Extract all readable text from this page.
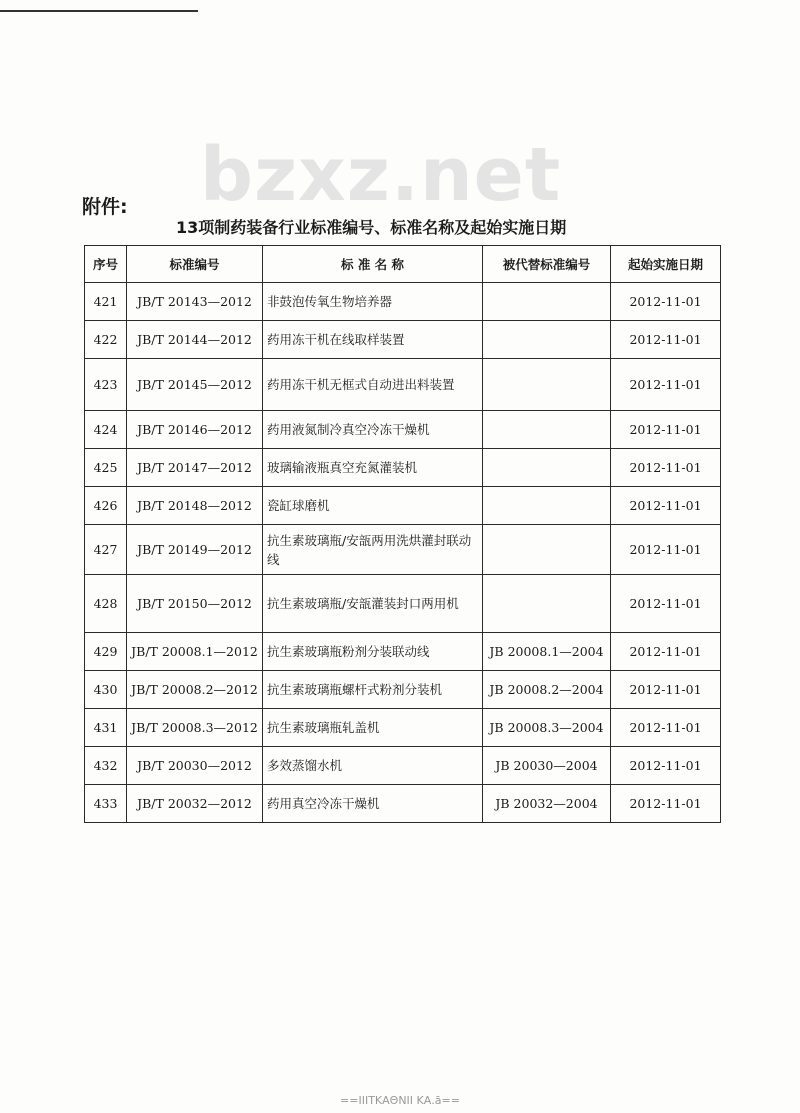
bzxz.net
附件:
13项制药装备行业标准编号、标准名称及起始实施日期
序号	标准编号	标 准 名 称	被代替标准编号	起始实施日期
421	JB/T 20143—2012	非鼓泡传氧生物培养器		2012-11-01
422	JB/T 20144—2012	药用冻干机在线取样装置		2012-11-01
423	JB/T 20145—2012	药用冻干机无框式自动进出料装置		2012-11-01
424	JB/T 20146—2012	药用液氮制冷真空冷冻干燥机		2012-11-01
425	JB/T 20147—2012	玻璃输液瓶真空充氮灌装机		2012-11-01
426	JB/T 20148—2012	瓷缸球磨机		2012-11-01
427	JB/T 20149—2012	抗生素玻璃瓶/安瓿两用洗烘灌封联动线		2012-11-01
428	JB/T 20150—2012	抗生素玻璃瓶/安瓿灌装封口两用机		2012-11-01
429	JB/T 20008.1—2012	抗生素玻璃瓶粉剂分装联动线	JB 20008.1—2004	2012-11-01
430	JB/T 20008.2—2012	抗生素玻璃瓶螺杆式粉剂分装机	JB 20008.2—2004	2012-11-01
431	JB/T 20008.3—2012	抗生素玻璃瓶轧盖机	JB 20008.3—2004	2012-11-01
432	JB/T 20030—2012	多效蒸馏水机	JB 20030—2004	2012-11-01
433	JB/T 20032—2012	药用真空冷冻干燥机	JB 20032—2004	2012-11-01
==ΙΙΙΤΚΑΘΝΙΙ ΚΑ.ā==
